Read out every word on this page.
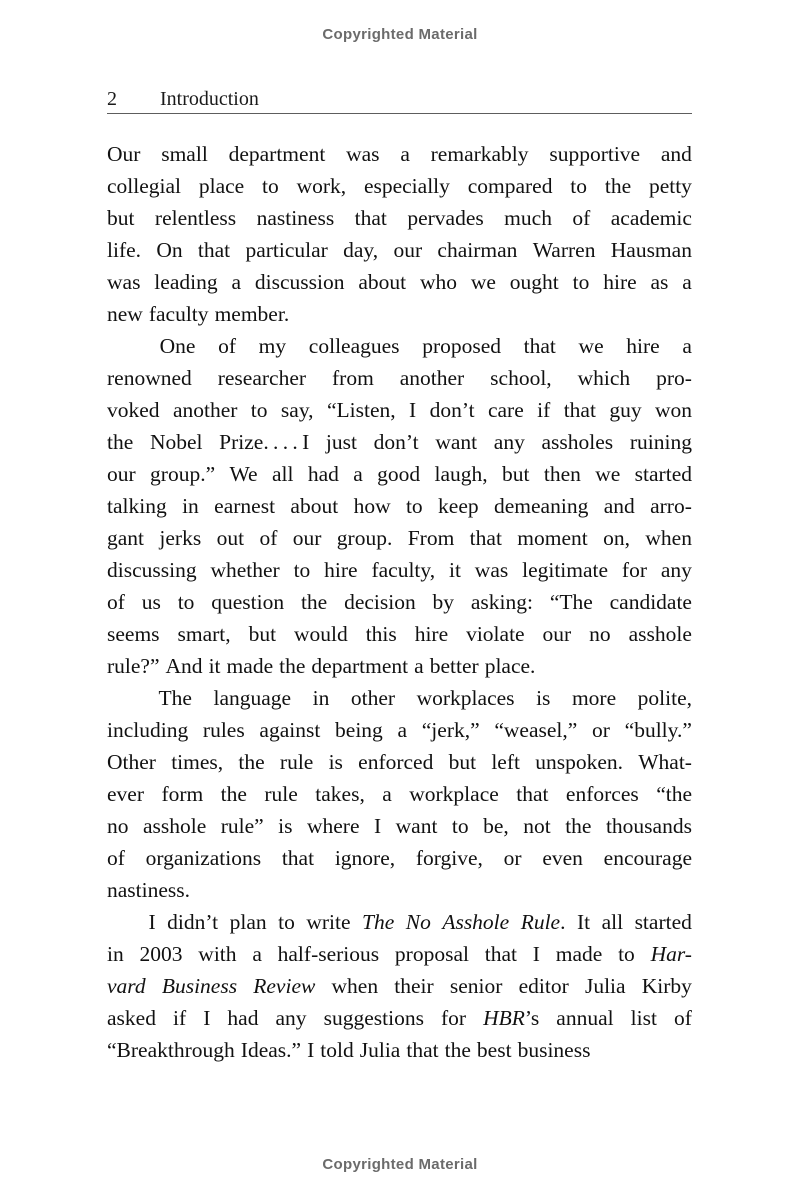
Copyrighted Material
2 Introduction

Our small department was a remarkably supportive and
collegial place to work, especially compared to the petty
but relentless nastiness that pervades much of academic
life. On that particular day, our chairman Warren Hausman
was leading a discussion about who we ought to hire as a
new faculty member.

One of my colleagues proposed that we hire a
renowned researcher from another school, which pro-
voked another to say, “Listen, I don’t care if that guy won
the Nobel Prize. . . . I just don’t want any assholes ruining
our group.” We all had a good laugh, but then we started
talking in earnest about how to keep demeaning and arro-
gant jerks out of our group. From that moment on, when
discussing whether to hire faculty, it was legitimate for any
of us to question the decision by asking: “The candidate
seems smart, but would this hire violate our no asshole
rule?” And it made the department a better place.

The language in other workplaces is more polite,
including rules against being a “jerk,” “weasel,” or “bully.”
Other times, the rule is enforced but left unspoken. What-
ever form the rule takes, a workplace that enforces “the
no asshole rule” is where I want to be, not the thousands
of organizations that ignore, forgive, or even encourage
nastiness.

I didn’t plan to write The No Asshole Rule. It all started
in 2003 with a half-serious proposal that I made to Har-
vard Business Review when their senior editor Julia Kirby
asked if I had any suggestions for HBR’s annual list of
“Breakthrough Ideas.” I told Julia that the best business

Copyrighted Material
